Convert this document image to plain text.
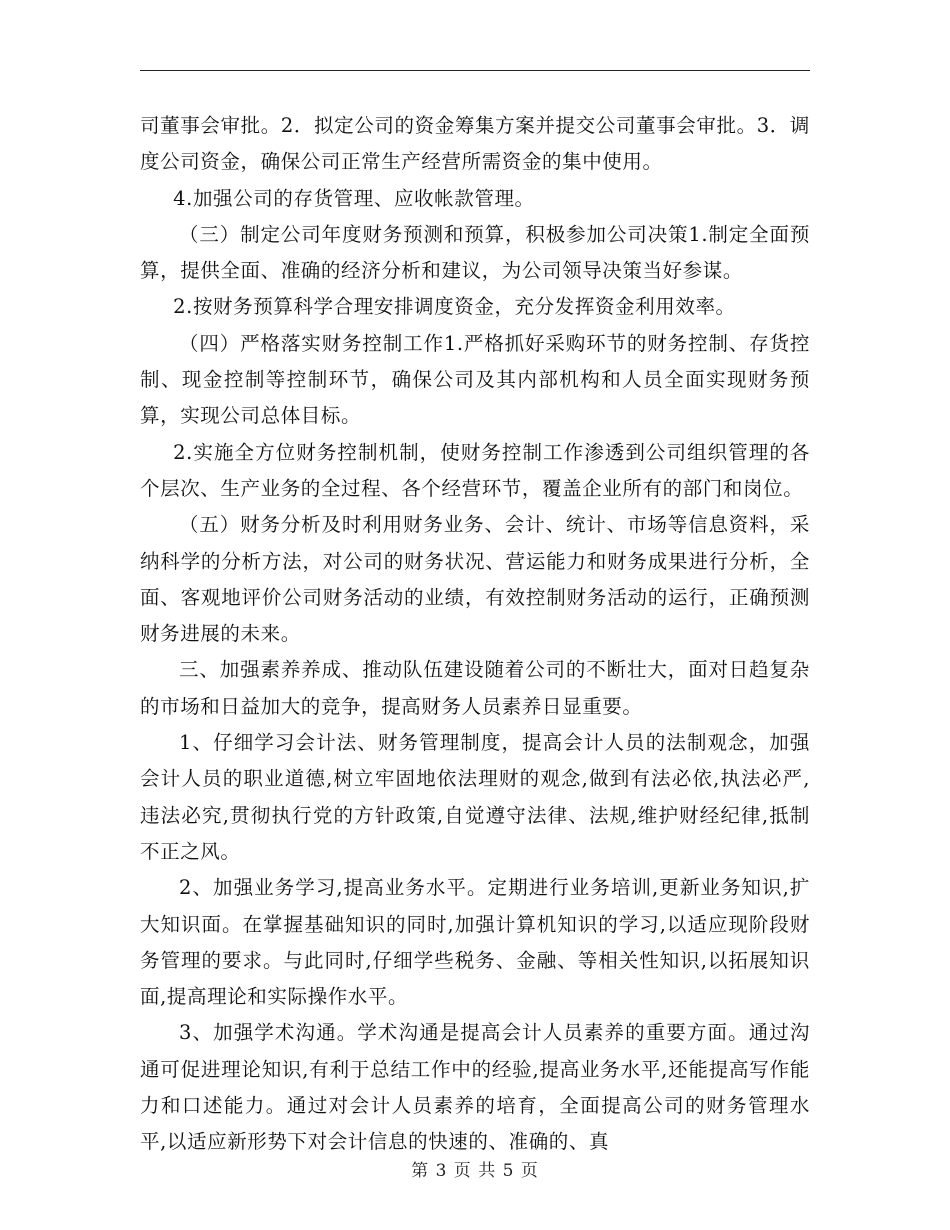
司董事会审批。2．拟定公司的资金筹集方案并提交公司董事会审批。3．调度公司资金，确保公司正常生产经营所需资金的集中使用。

4.加强公司的存货管理、应收帐款管理。

（三）制定公司年度财务预测和预算，积极参加公司决策1.制定全面预算，提供全面、准确的经济分析和建议，为公司领导决策当好参谋。

2.按财务预算科学合理安排调度资金，充分发挥资金利用效率。

（四）严格落实财务控制工作1.严格抓好采购环节的财务控制、存货控制、现金控制等控制环节，确保公司及其内部机构和人员全面实现财务预算，实现公司总体目标。

2.实施全方位财务控制机制，使财务控制工作渗透到公司组织管理的各个层次、生产业务的全过程、各个经营环节，覆盖企业所有的部门和岗位。

（五）财务分析及时利用财务业务、会计、统计、市场等信息资料，采纳科学的分析方法，对公司的财务状况、营运能力和财务成果进行分析，全面、客观地评价公司财务活动的业绩，有效控制财务活动的运行，正确预测财务进展的未来。

三、加强素养养成、推动队伍建设随着公司的不断壮大，面对日趋复杂的市场和日益加大的竞争，提高财务人员素养日显重要。

1、仔细学习会计法、财务管理制度，提高会计人员的法制观念，加强会计人员的职业道德,树立牢固地依法理财的观念,做到有法必依,执法必严,违法必究,贯彻执行党的方针政策,自觉遵守法律、法规,维护财经纪律,抵制不正之风。

2、加强业务学习,提高业务水平。定期进行业务培训,更新业务知识,扩大知识面。在掌握基础知识的同时,加强计算机知识的学习,以适应现阶段财务管理的要求。与此同时,仔细学些税务、金融、等相关性知识,以拓展知识面,提高理论和实际操作水平。

3、加强学术沟通。学术沟通是提高会计人员素养的重要方面。通过沟通可促进理论知识,有利于总结工作中的经验,提高业务水平,还能提高写作能力和口述能力。通过对会计人员素养的培育，全面提高公司的财务管理水平,以适应新形势下对会计信息的快速的、准确的、真

第 3 页 共 5 页
